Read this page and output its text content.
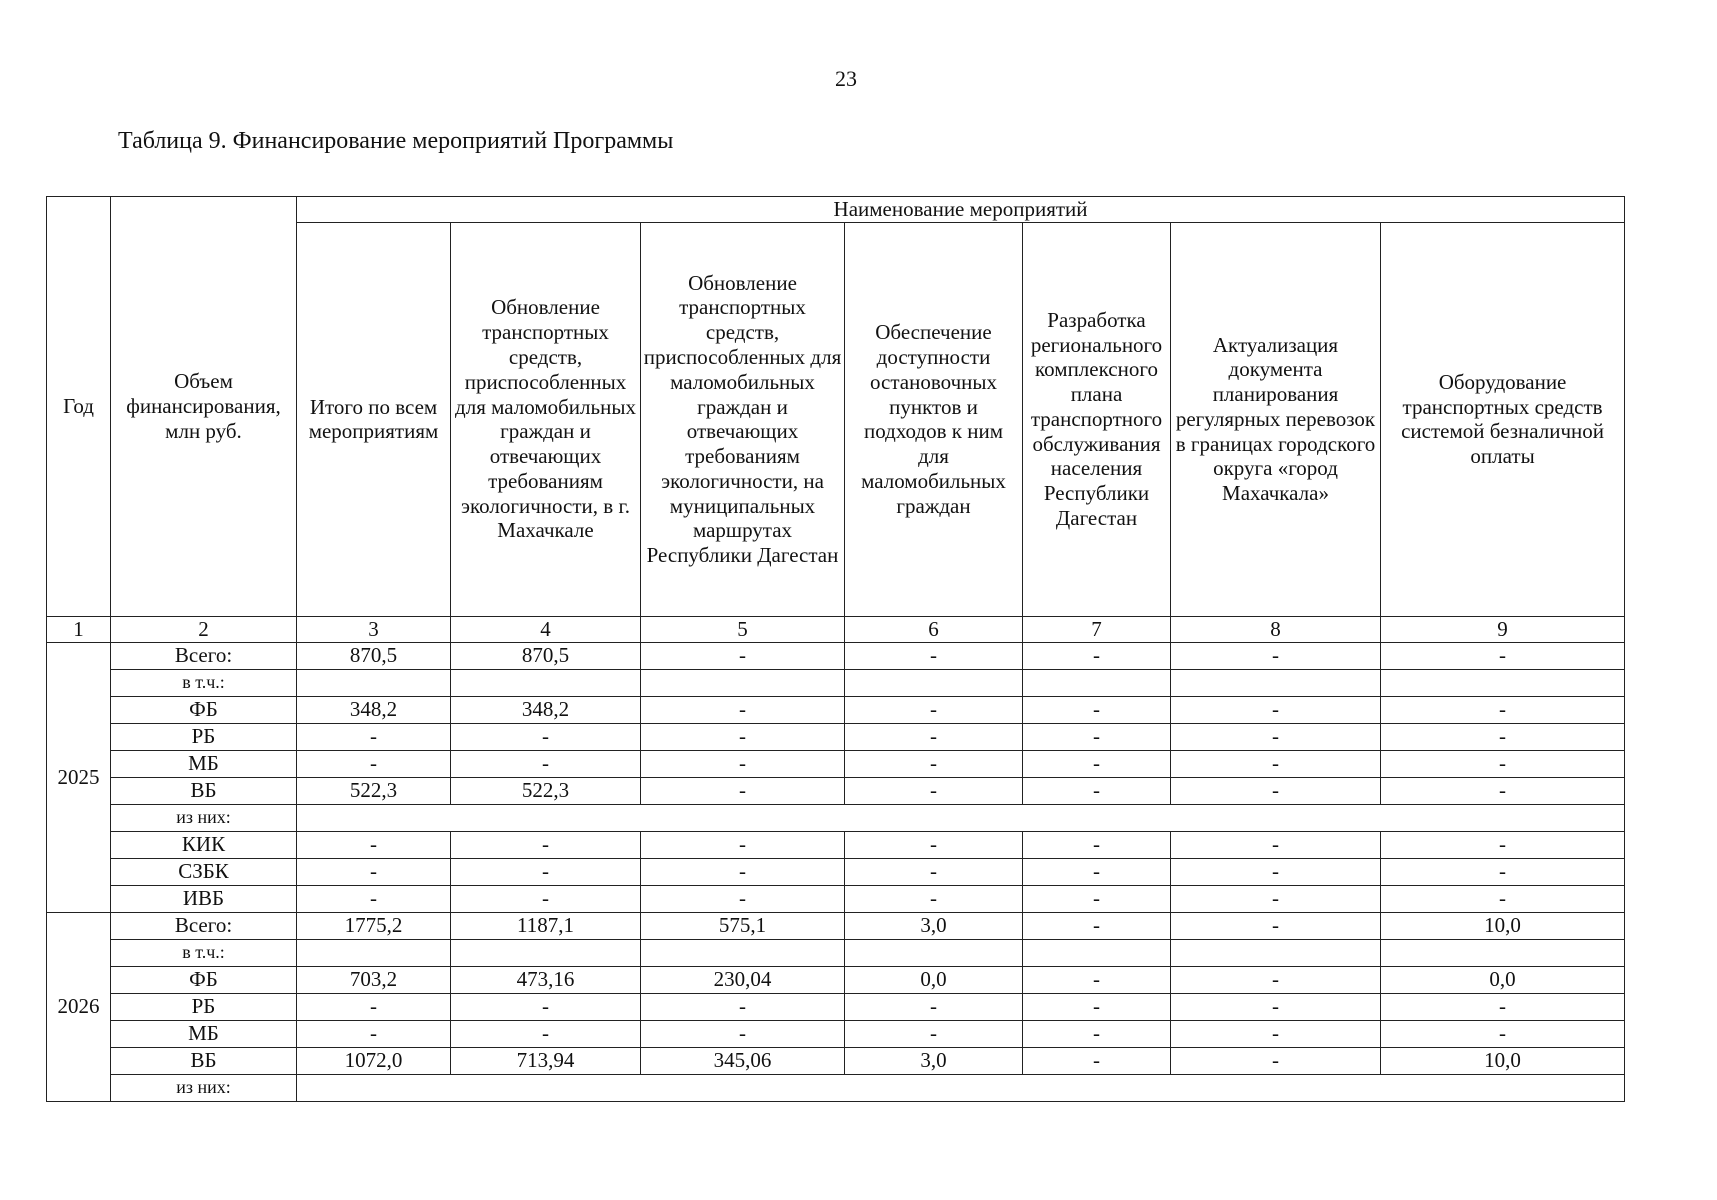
23
Таблица 9. Финансирование мероприятий Программы
Год	Объем финансирования, млн руб.	Наименование мероприятий						
		Итого по всем мероприятиям	Обновление транспортных средств, приспособленных для маломобильных граждан и отвечающих требованиям экологичности, в г. Махачкале	Обновление транспортных средств, приспособленных для маломобильных граждан и отвечающих требованиям экологичности, на муниципальных маршрутах Республики Дагестан	Обеспечение доступности остановочных пунктов и подходов к ним для маломобильных граждан	Разработка регионального комплексного плана транспортного обслуживания населения Республики Дагестан	Актуализация документа планирования регулярных перевозок в границах городского округа «город Махачкала»	Оборудование транспортных средств системой безналичной оплаты
1	2	3	4	5	6	7	8	9
2025	Всего:	870,5	870,5	-	-	-	-	-
	в т.ч.:							
	ФБ	348,2	348,2	-	-	-	-	-
	РБ	-	-	-	-	-	-	-
	МБ	-	-	-	-	-	-	-
	ВБ	522,3	522,3	-	-	-	-	-
	из них:							
	КИК	-	-	-	-	-	-	-
	СЗБК	-	-	-	-	-	-	-
	ИВБ	-	-	-	-	-	-	-
2026	Всего:	1775,2	1187,1	575,1	3,0	-	-	10,0
	в т.ч.:							
	ФБ	703,2	473,16	230,04	0,0	-	-	0,0
	РБ	-	-	-	-	-	-	-
	МБ	-	-	-	-	-	-	-
	ВБ	1072,0	713,94	345,06	3,0	-	-	10,0
	из них:							
